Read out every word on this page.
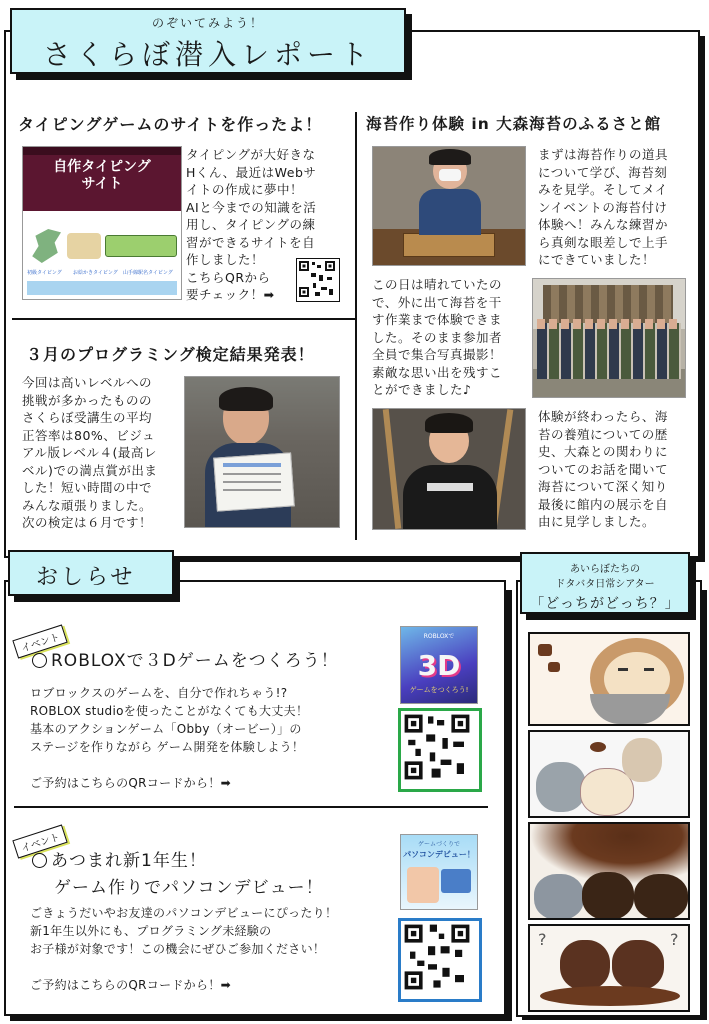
のぞいてみよう！
さくらぼ潜入レポート
タイピングゲームのサイトを作ったよ！
自作タイピング
サイト
初級タイピング お絵かきタイピング 山手線駅名タイピング
タイピングが大好きな
Hくん、最近はWebサ
イトの作成に夢中！
AIと今までの知識を活
用し、タイピングの練
習ができるサイトを自
作しました！
こちらQRから
要チェック！➡
３月のプログラミング検定結果発表！
今回は高いレベルへの
挑戦が多かったものの
さくらぼ受講生の平均
正答率は80%、ビジュ
アル版レベル４(最高レ
ベル)での満点賞が出ま
した！短い時間の中で
みんな頑張りました。
次の検定は６月です！
海苔作り体験 in 大森海苔のふるさと館
まずは海苔作りの道具
について学び、海苔刻
みを見学。そしてメイ
ンイベントの海苔付け
体験へ！みんな練習か
ら真剣な眼差しで上手
にできていました！
この日は晴れていたの
で、外に出て海苔を干
す作業まで体験できま
した。そのまま参加者
全員で集合写真撮影！
素敵な思い出を残すこ
とができました♪
体験が終わったら、海
苔の養殖についての歴
史、大森との関わりに
ついてのお話を聞いて
海苔について深く知り
最後に館内の展示を自
由に見学しました。
おしらせ
イベント
ROBLOXで３Dゲームをつくろう！
ロブロックスのゲームを、自分で作れちゃう!?
ROBLOX studioを使ったことがなくても大丈夫！
基本のアクションゲーム「Obby（オービー）」の
ステージを作りながら ゲーム開発を体験しよう！
ご予約はこちらのQRコードから！➡
ROBLOXで
3D
ゲームをつくろう!
イベント
あつまれ新1年生！
ゲーム作りでパソコンデビュー！
ごきょうだいやお友達のパソコンデビューにぴったり！
新1年生以外にも、プログラミング未経験の
お子様が対象です！この機会にぜひご参加ください！
ご予約はこちらのQRコードから！➡
ゲームづくりで
パソコンデビュー！
あいらぼたちの
ドタバタ日常シアター
「どっちがどっち？」
?	?
